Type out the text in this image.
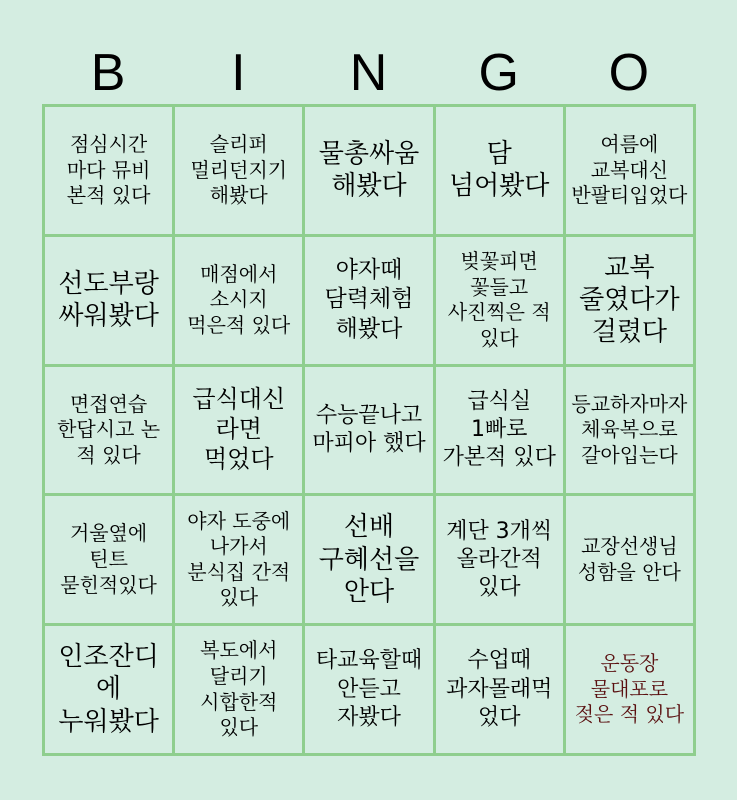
B	I	N	G	O
점심시간 마다 뮤비 본적 있다
슬리퍼 멀리던지기 해봤다
물총싸움해봤다
담 넘어봤다
여름에 교복대신 반팔티입었다
선도부랑 싸워봤다
매점에서 소시지 먹은적 있다
야자때 담력체험 해봤다
벚꽃피면 꽃들고 사진찍은 적 있다
교복 줄였다가 걸렸다
면접연습 한답시고 논 적 있다
급식대신 라면 먹었다
수능끝나고 마피아 했다
급식실 1빠로 가본적 있다
등교하자마자 체육복으로 갈아입는다
거울옆에 틴트 묻힌적있다
야자 도중에 나가서 분식집 간적 있다
선배 구혜선을 안다
계단 3개씩 올라간적 있다
교장선생님 성함을 안다
인조잔디에 누워봤다
복도에서 달리기 시합한적 있다
타교육할때 안듣고 자봤다
수업때 과자몰래먹었다
운동장 물대포로 젖은 적 있다
